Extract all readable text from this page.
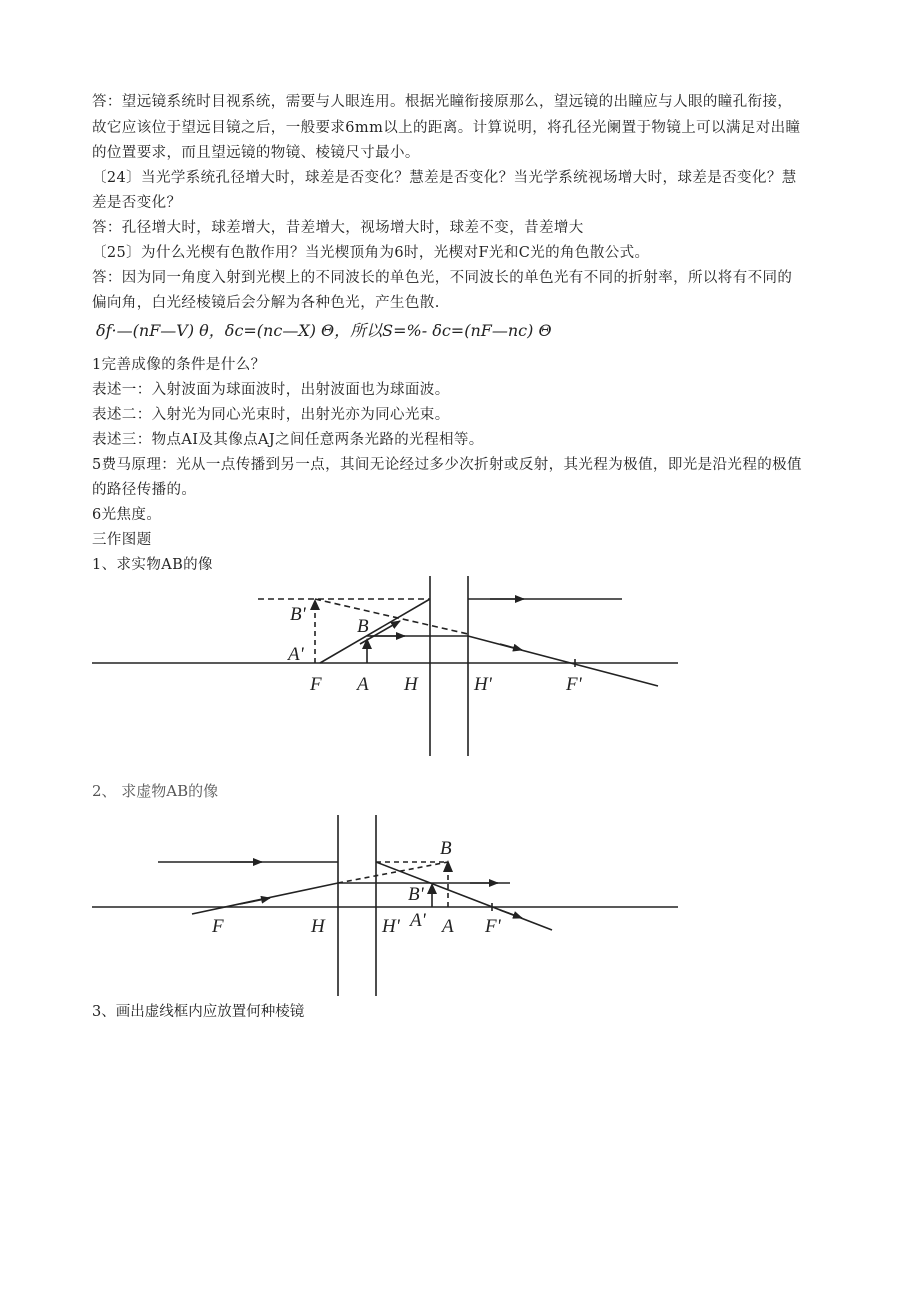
答：望远镜系统时目视系统，需要与人眼连用。根据光瞳衔接原那么，望远镜的出瞳应与人眼的瞳孔衔接，
故它应该位于望远目镜之后，一般要求6mm以上的距离。计算说明，将孔径光阑置于物镜上可以满足对出瞳
的位置要求，而且望远镜的物镜、棱镜尺寸最小。
〔24〕当光学系统孔径增大时，球差是否变化？慧差是否变化？当光学系统视场增大时，球差是否变化？慧
差是否变化？
答：孔径增大时，球差增大，昔差增大，视场增大时，球差不变，昔差增大
〔25〕为什么光楔有色散作用？当光楔顶角为6时，光楔对F光和C光的角色散公式。
答：因为同一角度入射到光楔上的不同波长的单色光，不同波长的单色光有不同的折射率，所以将有不同的
偏向角，白光经棱镜后会分解为各种色光，产生色散.
δf·—(nF—V) θ，δc=(nc—X) Θ，所以S=%- δc=(nF—nc) Θ
1完善成像的条件是什么？
表述一：入射波面为球面波时，出射波面也为球面波。
表述二：入射光为同心光束时，出射光亦为同心光束。
表述三：物点AI及其像点AJ之间任意两条光路的光程相等。
5费马原理：光从一点传播到另一点，其间无论经过多少次折射或反射，其光程为极值，即光是沿光程的极值
的路径传播的。
6光焦度。
三作图题
1、求实物AB的像
B'
B
A'
F A H	H'	F'
2、 求虚物AB的像
B
B'
F	H	H' A' A F'
3、画出虚线框内应放置何种棱镜
